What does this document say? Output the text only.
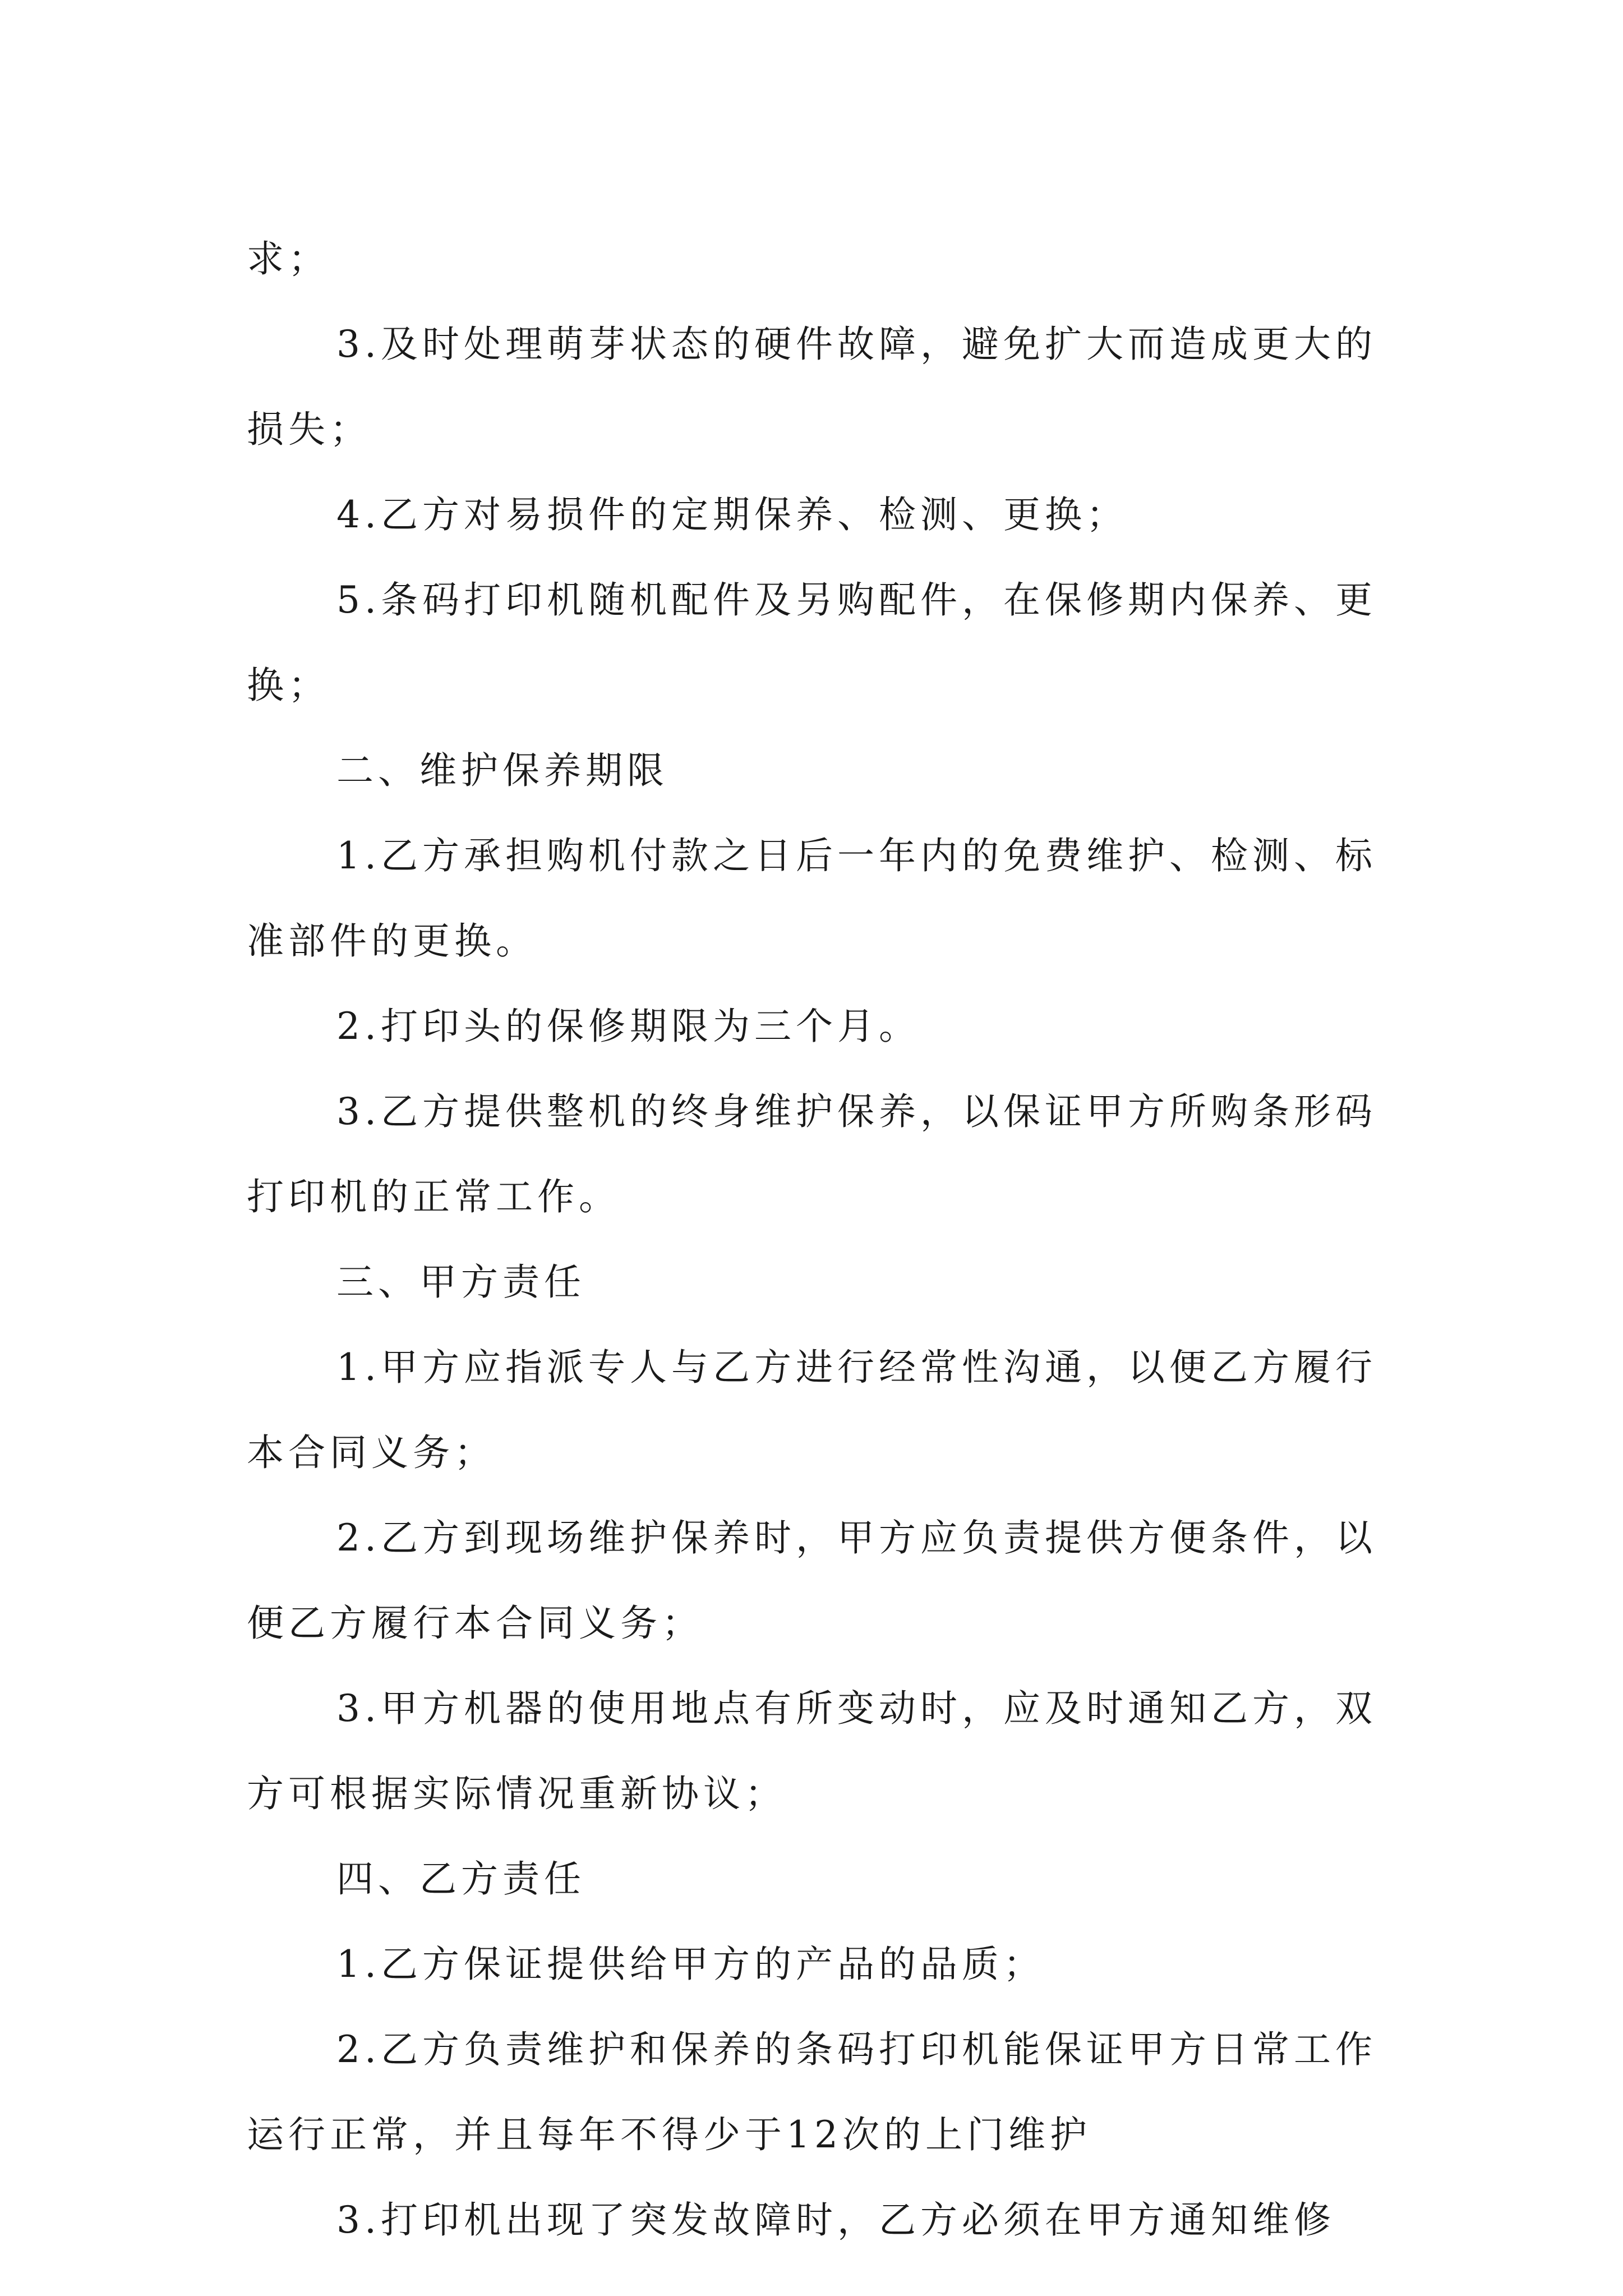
求；

3.及时处理萌芽状态的硬件故障，避免扩大而造成更大的损失；

4.乙方对易损件的定期保养、检测、更换；

5.条码打印机随机配件及另购配件，在保修期内保养、更换；

二、维护保养期限

1.乙方承担购机付款之日后一年内的免费维护、检测、标准部件的更换。

2.打印头的保修期限为三个月。

3.乙方提供整机的终身维护保养，以保证甲方所购条形码打印机的正常工作。

三、甲方责任

1.甲方应指派专人与乙方进行经常性沟通，以便乙方履行本合同义务；

2.乙方到现场维护保养时，甲方应负责提供方便条件，以便乙方履行本合同义务；

3.甲方机器的使用地点有所变动时，应及时通知乙方，双方可根据实际情况重新协议；

四、乙方责任

1.乙方保证提供给甲方的产品的品质；

2.乙方负责维护和保养的条码打印机能保证甲方日常工作运行正常，并且每年不得少于12次的上门维护

3.打印机出现了突发故障时，乙方必须在甲方通知维修
